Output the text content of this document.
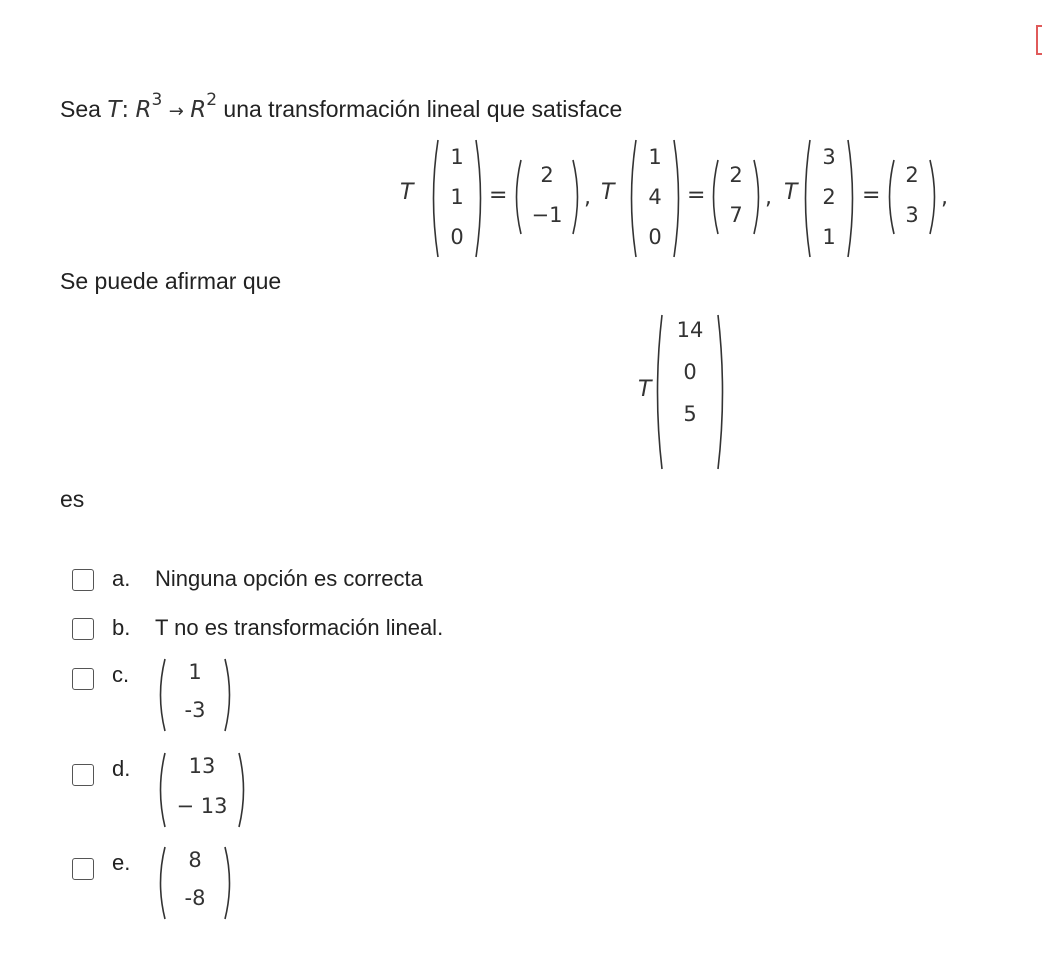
Sea T: $R^3 \to R^2$ una transformación lineal que satisface
T
1
1
0
=
2
−1
, T
1
4
0
=
2
7
, T
3
2
1
=
2
3
,
Se puede afirmar que
T
14
0
5
es
a. Ninguna opción es correcta
b. T no es transformación lineal.
c.	1
-3
d.	13
− 13
e.	8
-8
